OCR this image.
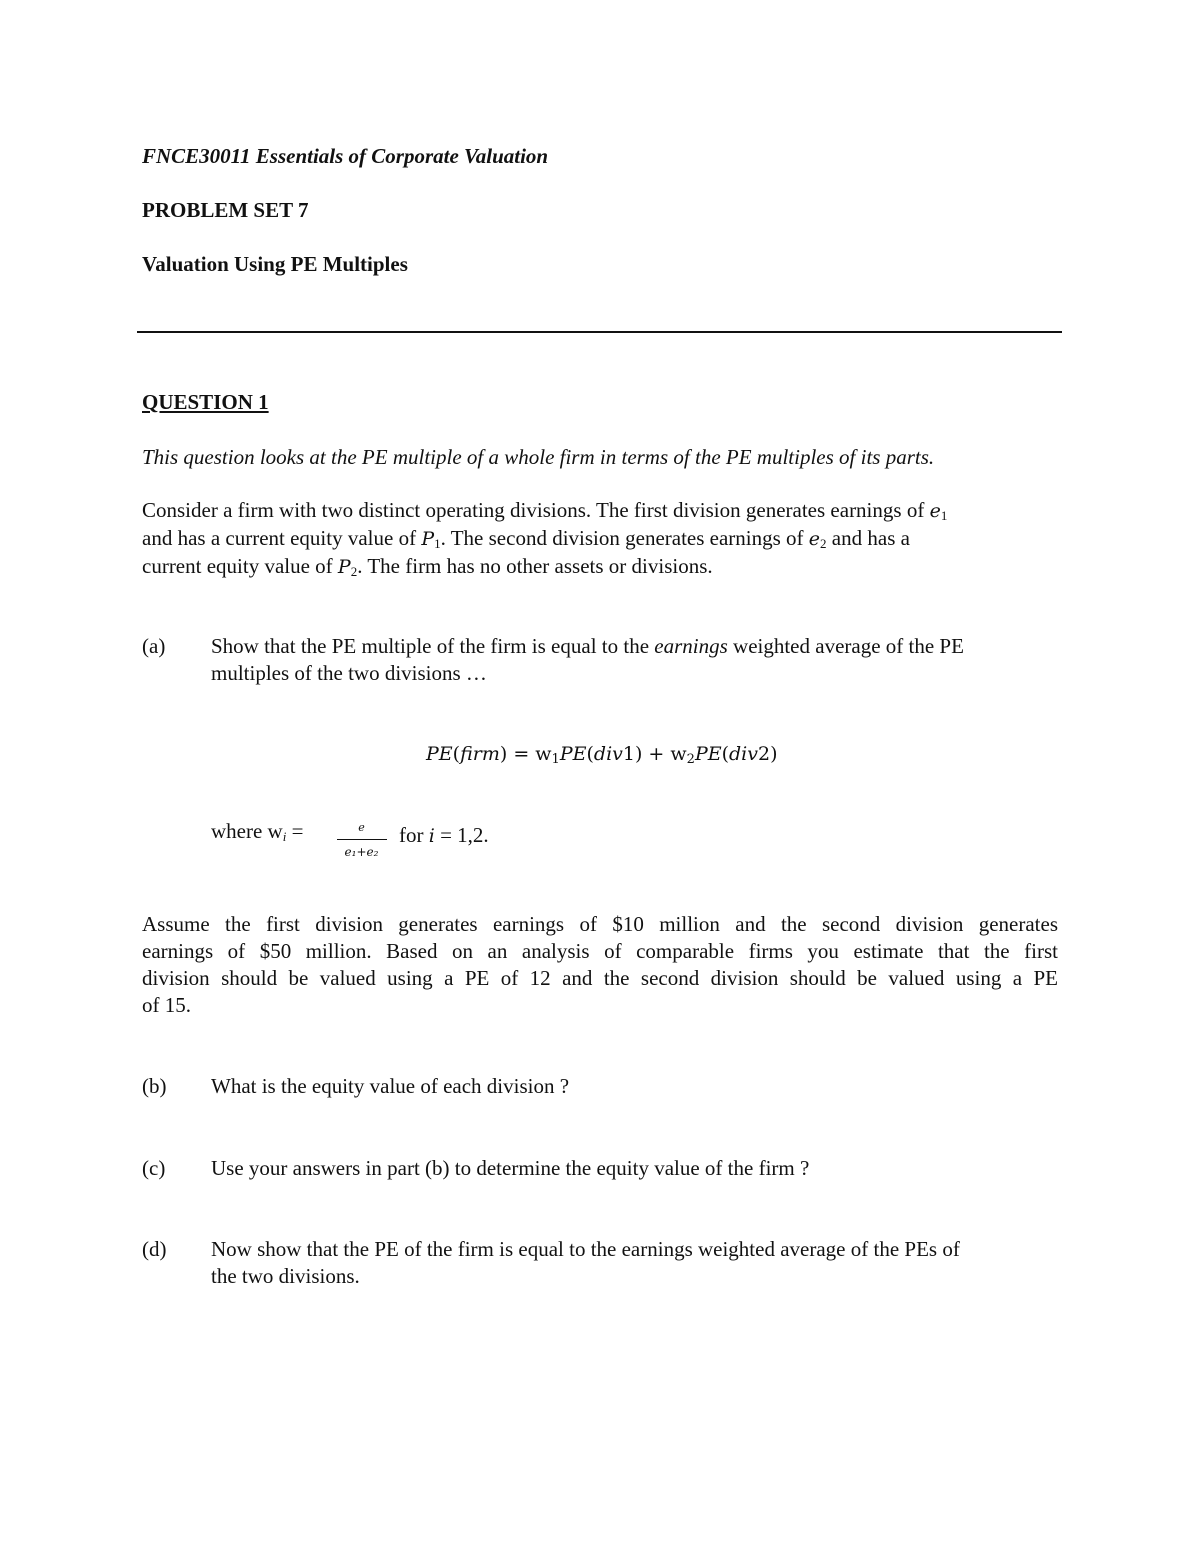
FNCE30011 Essentials of Corporate Valuation
PROBLEM SET 7
Valuation Using PE Multiples
QUESTION 1
This question looks at the PE multiple of a whole firm in terms of the PE multiples of its parts.
Consider a firm with two distinct operating divisions. The first division generates earnings of $e_1$
and has a current equity value of $P_1$. The second division generates earnings of $e_2$ and has a
current equity value of $P_2$. The firm has no other assets or divisions.
(a) Show that the PE multiple of the firm is equal to the earnings weighted average of the PE
multiples of the two divisions …
PE(firm) = $w_1PE(div1) + w_2PE(div2)$
where $w_i$ =	e
e₁+e₂
for i = 1,2.
Assume the first division generates earnings of $10 million and the second division generates
earnings of $50 million. Based on an analysis of comparable firms you estimate that the first
division should be valued using a PE of 12 and the second division should be valued using a PE
of 15.
(b) What is the equity value of each division ?
(c) Use your answers in part (b) to determine the equity value of the firm ?
(d) Now show that the PE of the firm is equal to the earnings weighted average of the PEs of
the two divisions.
